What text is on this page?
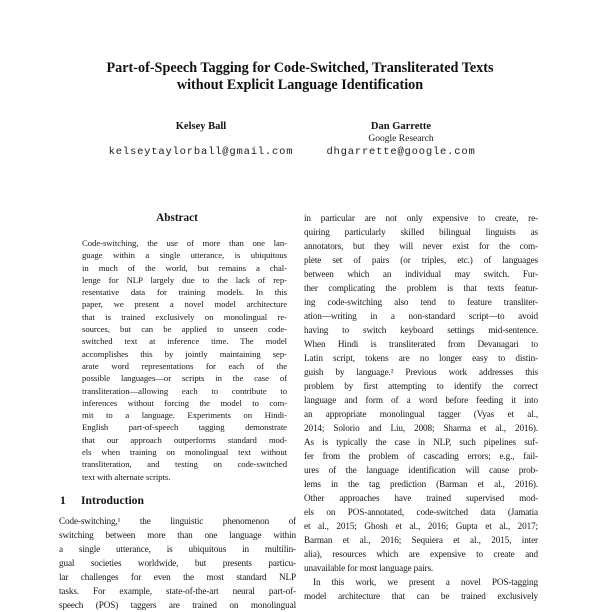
Part-of-Speech Tagging for Code-Switched, Transliterated Texts
without Explicit Language Identification
Kelsey Ball
kelseytaylorball@gmail.com
Dan Garrette
Google Research
dhgarrette@google.com
Abstract
Code-switching, the use of more than one lan-
guage within a single utterance, is ubiquitous
in much of the world, but remains a chal-
lenge for NLP largely due to the lack of rep-
resentative data for training models. In this
paper, we present a novel model architecture
that is trained exclusively on monolingual re-
sources, but can be applied to unseen code-
switched text at inference time. The model
accomplishes this by jointly maintaining sep-
arate word representations for each of the
possible languages—or scripts in the case of
transliteration—allowing each to contribute to
inferences without forcing the model to com-
mit to a language. Experiments on Hindi-
English part-of-speech tagging demonstrate
that our approach outperforms standard mod-
els when training on monolingual text without
transliteration, and testing on code-switched
text with alternate scripts.
1 Introduction
Code-switching,¹ the linguistic phenomenon of
switching between more than one language within
a single utterance, is ubiquitous in multilin-
gual societies worldwide, but presents particu-
lar challenges for even the most standard NLP
tasks. For example, state-of-the-art neural part-of-
speech (POS) taggers are trained on monolingual
in particular are not only expensive to create, re-
quiring particularly skilled bilingual linguists as
annotators, but they will never exist for the com-
plete set of pairs (or triples, etc.) of languages
between which an individual may switch. Fur-
ther complicating the problem is that texts featur-
ing code-switching also tend to feature transliter-
ation—writing in a non-standard script—to avoid
having to switch keyboard settings mid-sentence.
When Hindi is transliterated from Devanagari to
Latin script, tokens are no longer easy to distin-
guish by language.² Previous work addresses this
problem by first attempting to identify the correct
language and form of a word before feeding it into
an appropriate monolingual tagger (Vyas et al.,
2014; Solorio and Liu, 2008; Sharma et al., 2016).
As is typically the case in NLP, such pipelines suf-
fer from the problem of cascading errors; e.g., fail-
ures of the language identification will cause prob-
lems in the tag prediction (Barman et al., 2016).
Other approaches have trained supervised mod-
els on POS-annotated, code-switched data (Jamatia
et al., 2015; Ghosh et al., 2016; Gupta et al., 2017;
Barman et al., 2016; Sequiera et al., 2015, inter
alia), resources which are expensive to create and
unavailable for most language pairs.
In this work, we present a novel POS-tagging
model architecture that can be trained exclusively
